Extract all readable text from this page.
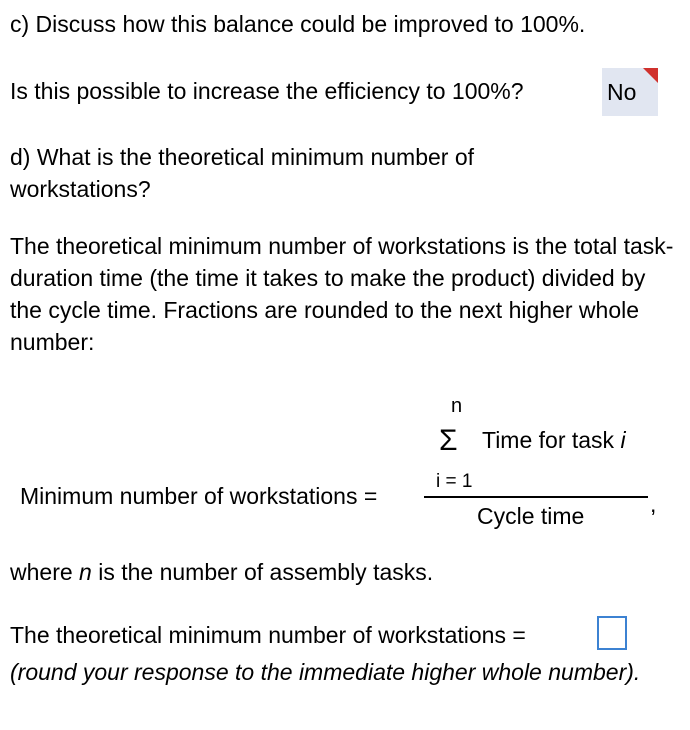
c) Discuss how this balance could be improved to 100%.
Is this possible to increase the efficiency to 100%?	No
d) What is the theoretical minimum number of workstations?
The theoretical minimum number of workstations is the total task-duration time (the time it takes to make the product) divided by the cycle time. Fractions are rounded to the next higher whole number:
n
Σ Time for task i
i = 1
Minimum number of workstations =	,
Cycle time
where n is the number of assembly tasks.
The theoretical minimum number of workstations =
(round your response to the immediate higher whole number).
